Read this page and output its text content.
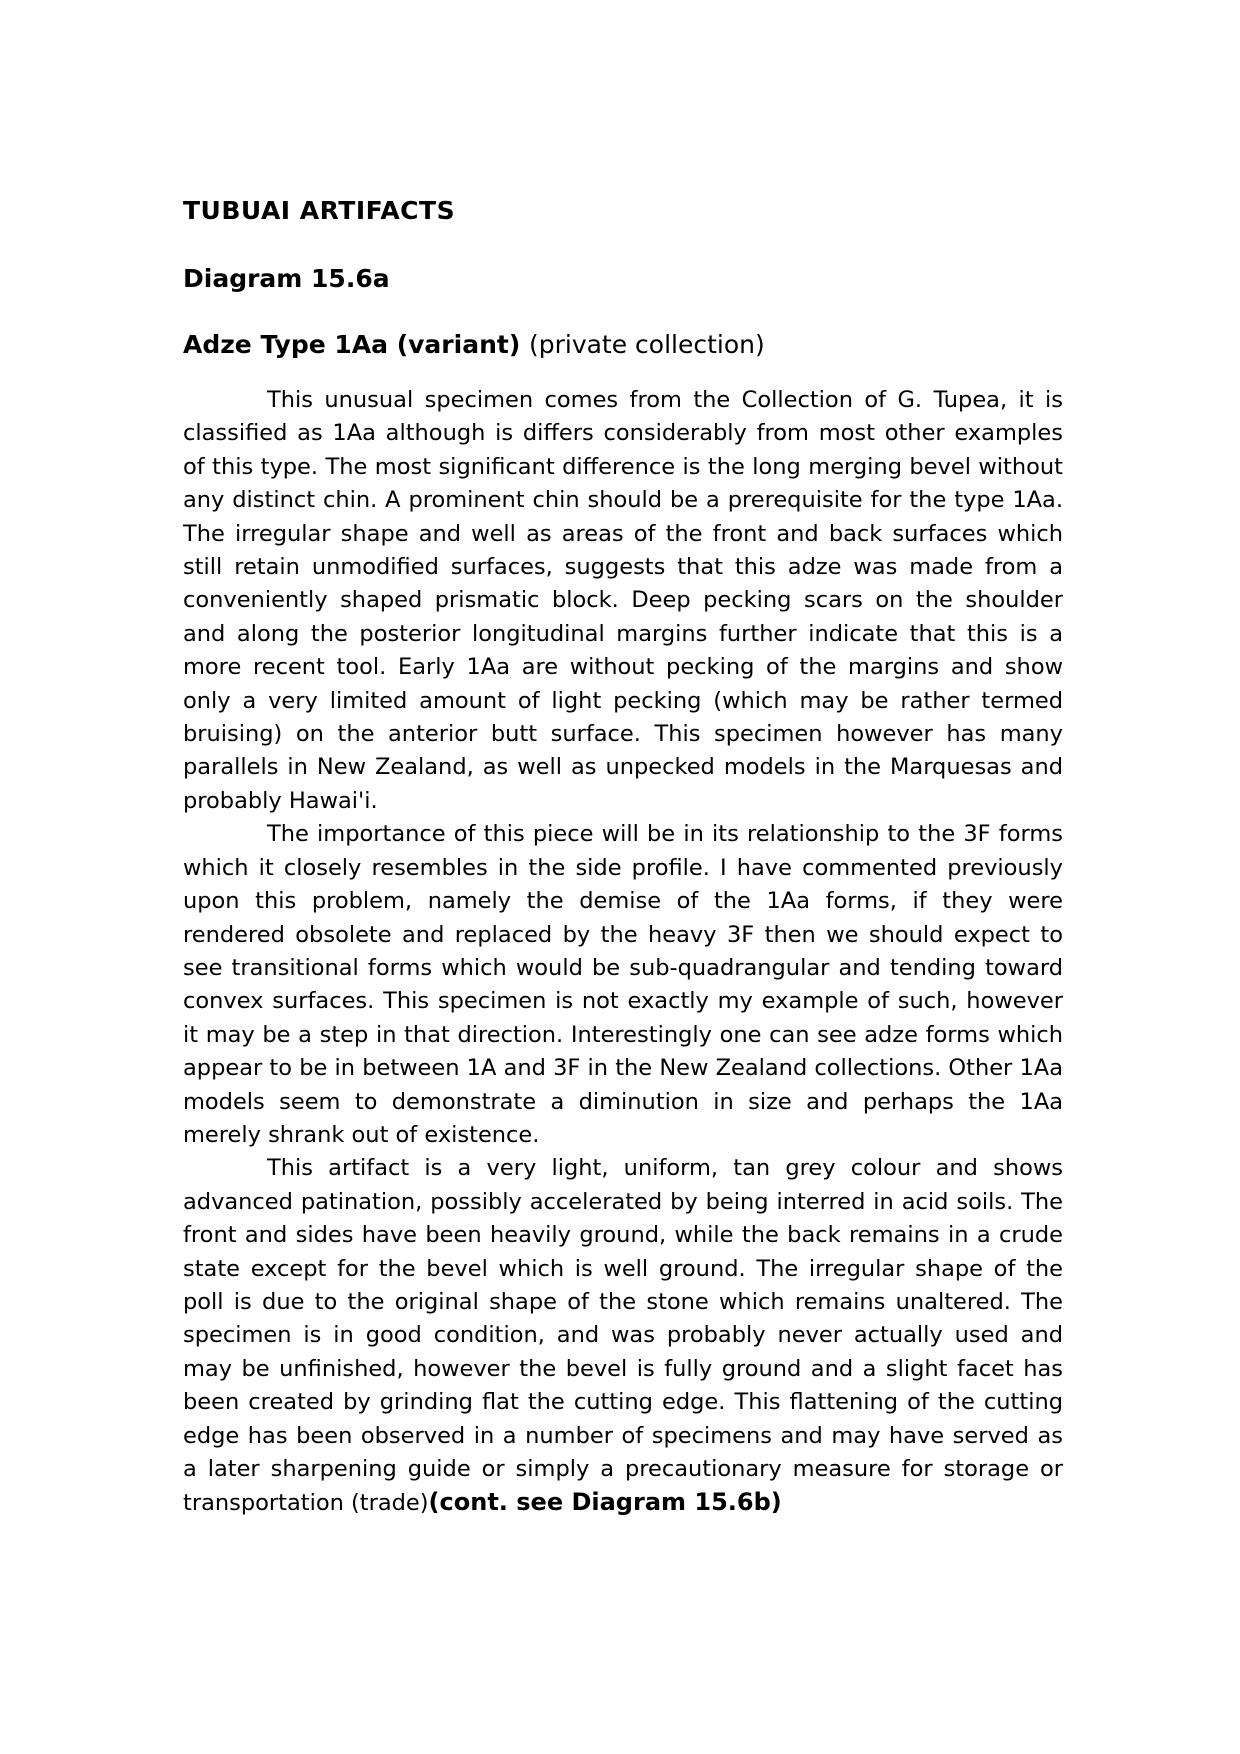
TUBUAI ARTIFACTS

Diagram 15.6a

Adze Type 1Aa (variant) (private collection)

This unusual specimen comes from the Collection of G. Tupea, it is classified as 1Aa although is differs considerably from most other examples of this type. The most significant difference is the long merging bevel without any distinct chin. A prominent chin should be a prerequisite for the type 1Aa. The irregular shape and well as areas of the front and back surfaces which still retain unmodified surfaces, suggests that this adze was made from a conveniently shaped prismatic block. Deep pecking scars on the shoulder and along the posterior longitudinal margins further indicate that this is a more recent tool. Early 1Aa are without pecking of the margins and show only a very limited amount of light pecking (which may be rather termed bruising) on the anterior butt surface. This specimen however has many parallels in New Zealand, as well as unpecked models in the Marquesas and probably Hawai'i.

The importance of this piece will be in its relationship to the 3F forms which it closely resembles in the side profile. I have commented previously upon this problem, namely the demise of the 1Aa forms, if they were rendered obsolete and replaced by the heavy 3F then we should expect to see transitional forms which would be sub-quadrangular and tending toward convex surfaces. This specimen is not exactly my example of such, however it may be a step in that direction. Interestingly one can see adze forms which appear to be in between 1A and 3F in the New Zealand collections. Other 1Aa models seem to demonstrate a diminution in size and perhaps the 1Aa merely shrank out of existence.

This artifact is a very light, uniform, tan grey colour and shows advanced patination, possibly accelerated by being interred in acid soils. The front and sides have been heavily ground, while the back remains in a crude state except for the bevel which is well ground. The irregular shape of the poll is due to the original shape of the stone which remains unaltered. The specimen is in good condition, and was probably never actually used and may be unfinished, however the bevel is fully ground and a slight facet has been created by grinding flat the cutting edge. This flattening of the cutting edge has been observed in a number of specimens and may have served as a later sharpening guide or simply a precautionary measure for storage or transportation (trade)(cont. see Diagram 15.6b)
